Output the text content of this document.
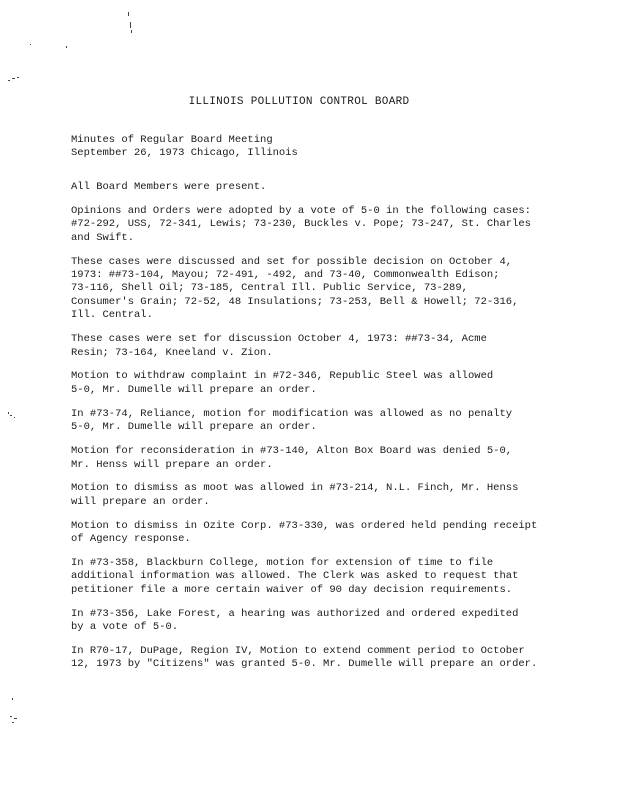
ILLINOIS POLLUTION CONTROL BOARD
Minutes of Regular Board Meeting
September 26, 1973 Chicago, Illinois

All Board Members were present.

Opinions and Orders were adopted by a vote of 5-0 in the following cases:
#72-292, USS, 72-341, Lewis; 73-230, Buckles v. Pope; 73-247, St. Charles
and Swift.

These cases were discussed and set for possible decision on October 4,
1973: ##73-104, Mayou; 72-491, -492, and 73-40, Commonwealth Edison;
73-116, Shell Oil; 73-185, Central Ill. Public Service, 73-289,
Consumer's Grain; 72-52, 48 Insulations; 73-253, Bell & Howell; 72-316,
Ill. Central.

These cases were set for discussion October 4, 1973: ##73-34, Acme
Resin; 73-164, Kneeland v. Zion.

Motion to withdraw complaint in #72-346, Republic Steel was allowed
5-0, Mr. Dumelle will prepare an order.

In #73-74, Reliance, motion for modification was allowed as no penalty
5-0, Mr. Dumelle will prepare an order.

Motion for reconsideration in #73-140, Alton Box Board was denied 5-0,
Mr. Henss will prepare an order.

Motion to dismiss as moot was allowed in #73-214, N.L. Finch, Mr. Henss
will prepare an order.

Motion to dismiss in Ozite Corp. #73-330, was ordered held pending receipt
of Agency response.

In #73-358, Blackburn College, motion for extension of time to file
additional information was allowed. The Clerk was asked to request that
petitioner file a more certain waiver of 90 day decision requirements.

In #73-356, Lake Forest, a hearing was authorized and ordered expedited
by a vote of 5-0.

In R70-17, DuPage, Region IV, Motion to extend comment period to October
12, 1973 by "Citizens" was granted 5-0. Mr. Dumelle will prepare an order.
